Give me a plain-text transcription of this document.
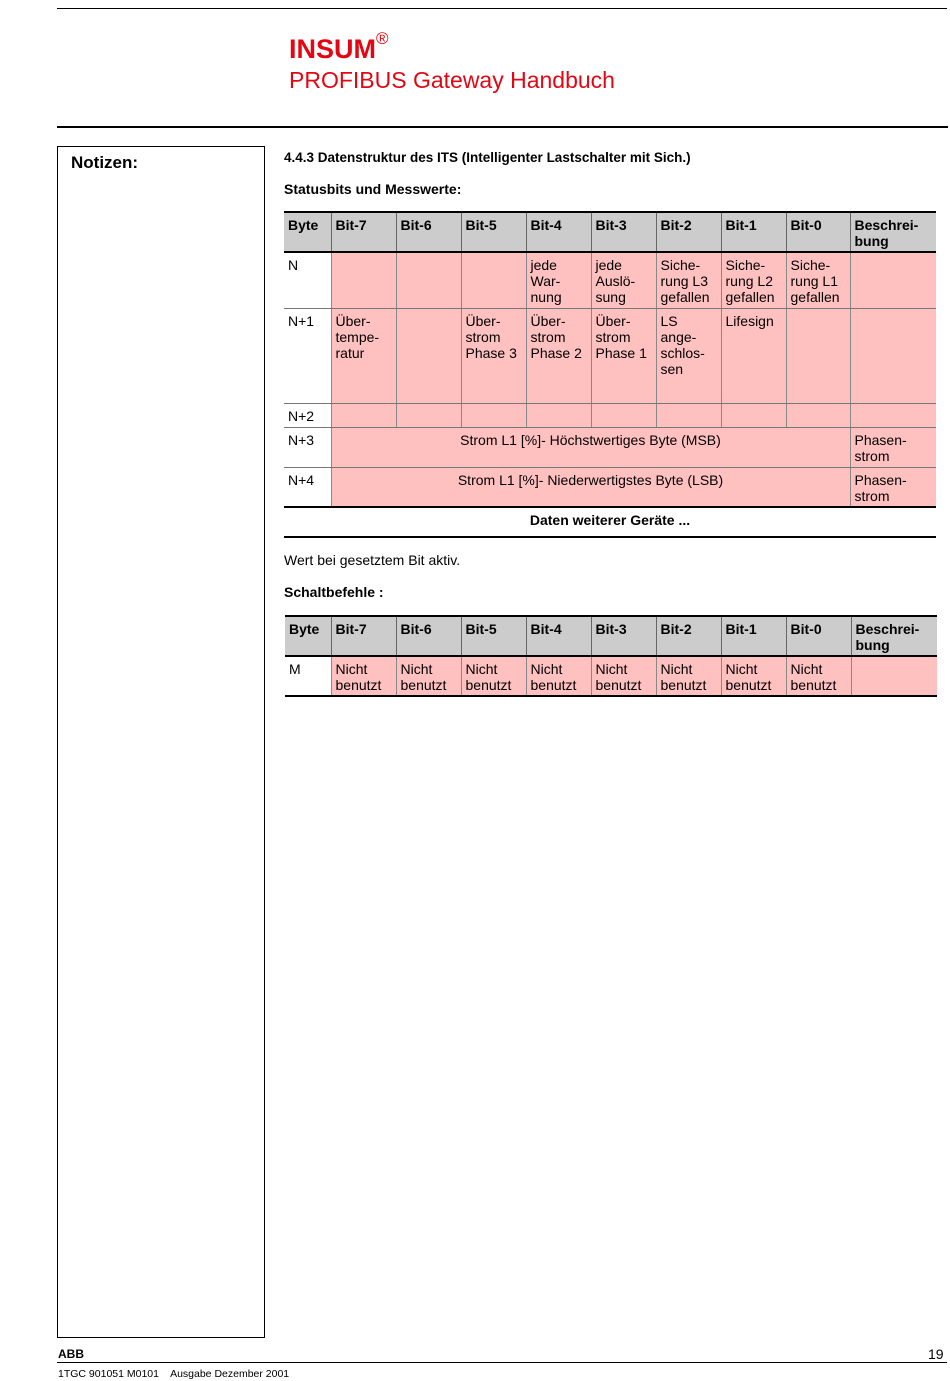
INSUM®
PROFIBUS Gateway Handbuch
Notizen:	4.4.3 Datenstruktur des ITS (Intelligenter Lastschalter mit Sich.)
Statusbits und Messwerte:
Byte	Bit-7	Bit-6	Bit-5	Bit-4	Bit-3	Bit-2	Bit-1	Bit-0	Beschrei-
bung
N				jede
War-
nung	jede
Auslö-
sung	Siche-
rung L3
gefallen	Siche-
rung L2
gefallen	Siche-
rung L1
gefallen	
N+1	Über-
tempe-
ratur		Über-
strom
Phase 3	Über-
strom
Phase 2	Über-
strom
Phase 1	LS
ange-
schlos-
sen	Lifesign		
N+2									
N+3	Strom L1 [%]- Höchstwertiges Byte (MSB)								Phasen-
strom
N+4	Strom L1 [%]- Niederwertigstes Byte (LSB)								Phasen-
strom
Daten weiterer Geräte ...									
Wert bei gesetztem Bit aktiv.
Schaltbefehle :
Byte	Bit-7	Bit-6	Bit-5	Bit-4	Bit-3	Bit-2	Bit-1	Bit-0	Beschrei-
bung
M	Nicht
benutzt	Nicht
benutzt	Nicht
benutzt	Nicht
benutzt	Nicht
benutzt	Nicht
benutzt	Nicht
benutzt	Nicht
benutzt	
ABB	19
1TGC 901051 M0101    Ausgabe Dezember 2001
